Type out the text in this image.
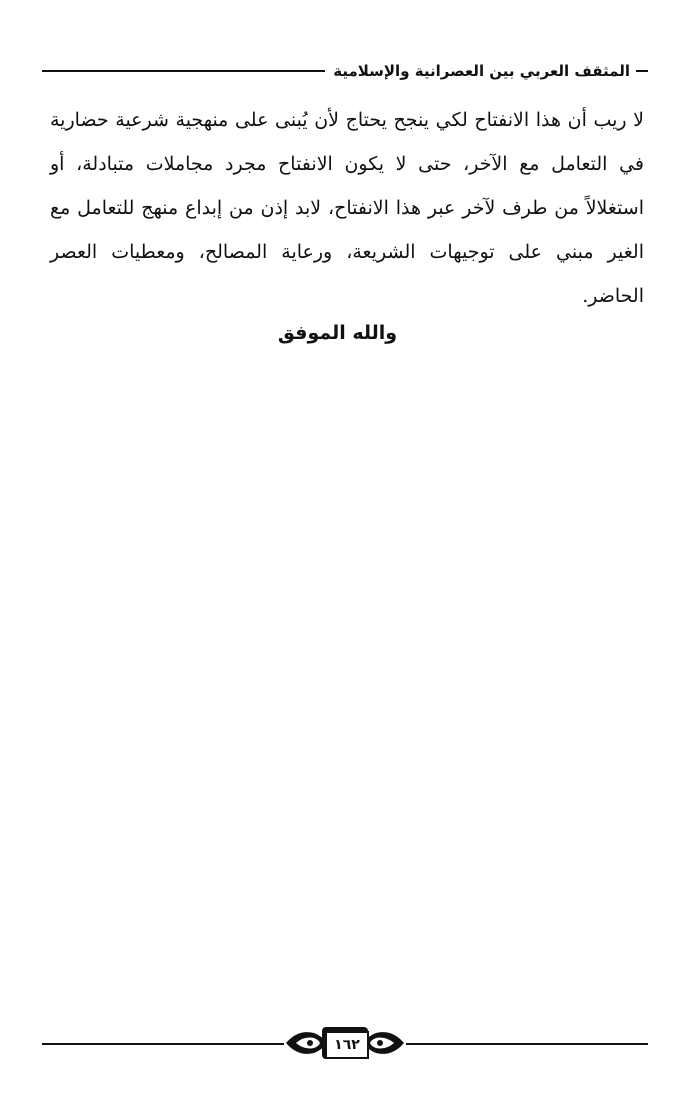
المثقف العربي بين العصرانية والإسلامية

لا ريب أن هذا الانفتاح لكي ينجح يحتاج لأن يُبنى على منهجية شرعية حضارية في التعامل مع الآخر، حتى لا يكون الانفتاح مجرد مجاملات متبادلة، أو استغلالاً من طرف لآخر عبر هذا الانفتاح، لابد إذن من إبداع منهج للتعامل مع الغير مبني على توجيهات الشريعة، ورعاية المصالح، ومعطيات العصر الحاضر.

والله الموفق
١٦٢
